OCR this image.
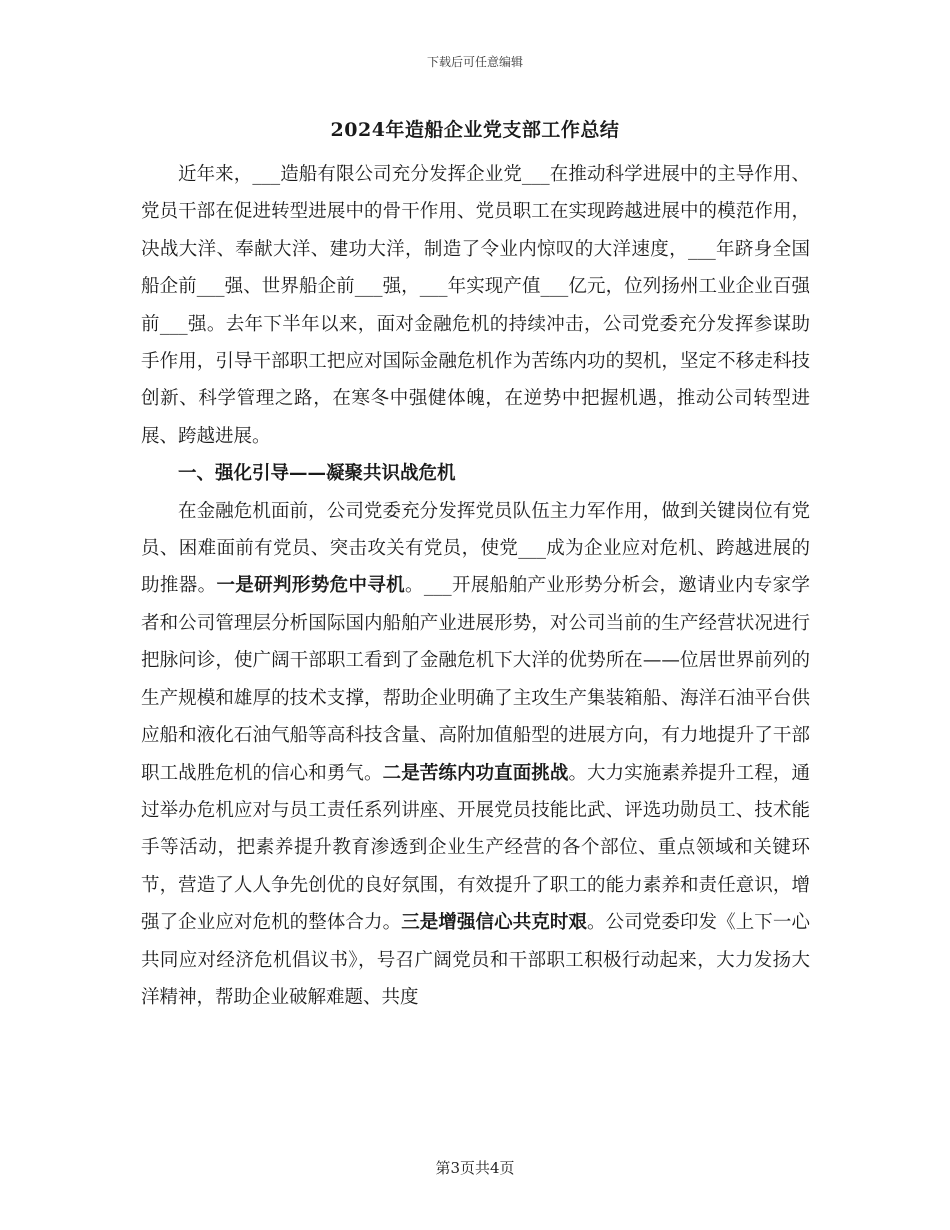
下载后可任意编辑
2024年造船企业党支部工作总结

近年来，___造船有限公司充分发挥企业党___在推动科学进展中的主导作用、党员干部在促进转型进展中的骨干作用、党员职工在实现跨越进展中的模范作用，决战大洋、奉献大洋、建功大洋，制造了令业内惊叹的大洋速度，___年跻身全国船企前___强、世界船企前___强，___年实现产值___亿元，位列扬州工业企业百强前___强。去年下半年以来，面对金融危机的持续冲击，公司党委充分发挥参谋助手作用，引导干部职工把应对国际金融危机作为苦练内功的契机，坚定不移走科技创新、科学管理之路，在寒冬中强健体魄，在逆势中把握机遇，推动公司转型进展、跨越进展。

一、强化引导——凝聚共识战危机

在金融危机面前，公司党委充分发挥党员队伍主力军作用，做到关键岗位有党员、困难面前有党员、突击攻关有党员，使党___成为企业应对危机、跨越进展的助推器。一是研判形势危中寻机。___开展船舶产业形势分析会，邀请业内专家学者和公司管理层分析国际国内船舶产业进展形势，对公司当前的生产经营状况进行把脉问诊，使广阔干部职工看到了金融危机下大洋的优势所在——位居世界前列的生产规模和雄厚的技术支撑，帮助企业明确了主攻生产集装箱船、海洋石油平台供应船和液化石油气船等高科技含量、高附加值船型的进展方向，有力地提升了干部职工战胜危机的信心和勇气。二是苦练内功直面挑战。大力实施素养提升工程，通过举办危机应对与员工责任系列讲座、开展党员技能比武、评选功勋员工、技术能手等活动，把素养提升教育渗透到企业生产经营的各个部位、重点领域和关键环节，营造了人人争先创优的良好氛围，有效提升了职工的能力素养和责任意识，增强了企业应对危机的整体合力。三是增强信心共克时艰。公司党委印发《上下一心共同应对经济危机倡议书》，号召广阔党员和干部职工积极行动起来，大力发扬大洋精神，帮助企业破解难题、共度

第3页共4页
